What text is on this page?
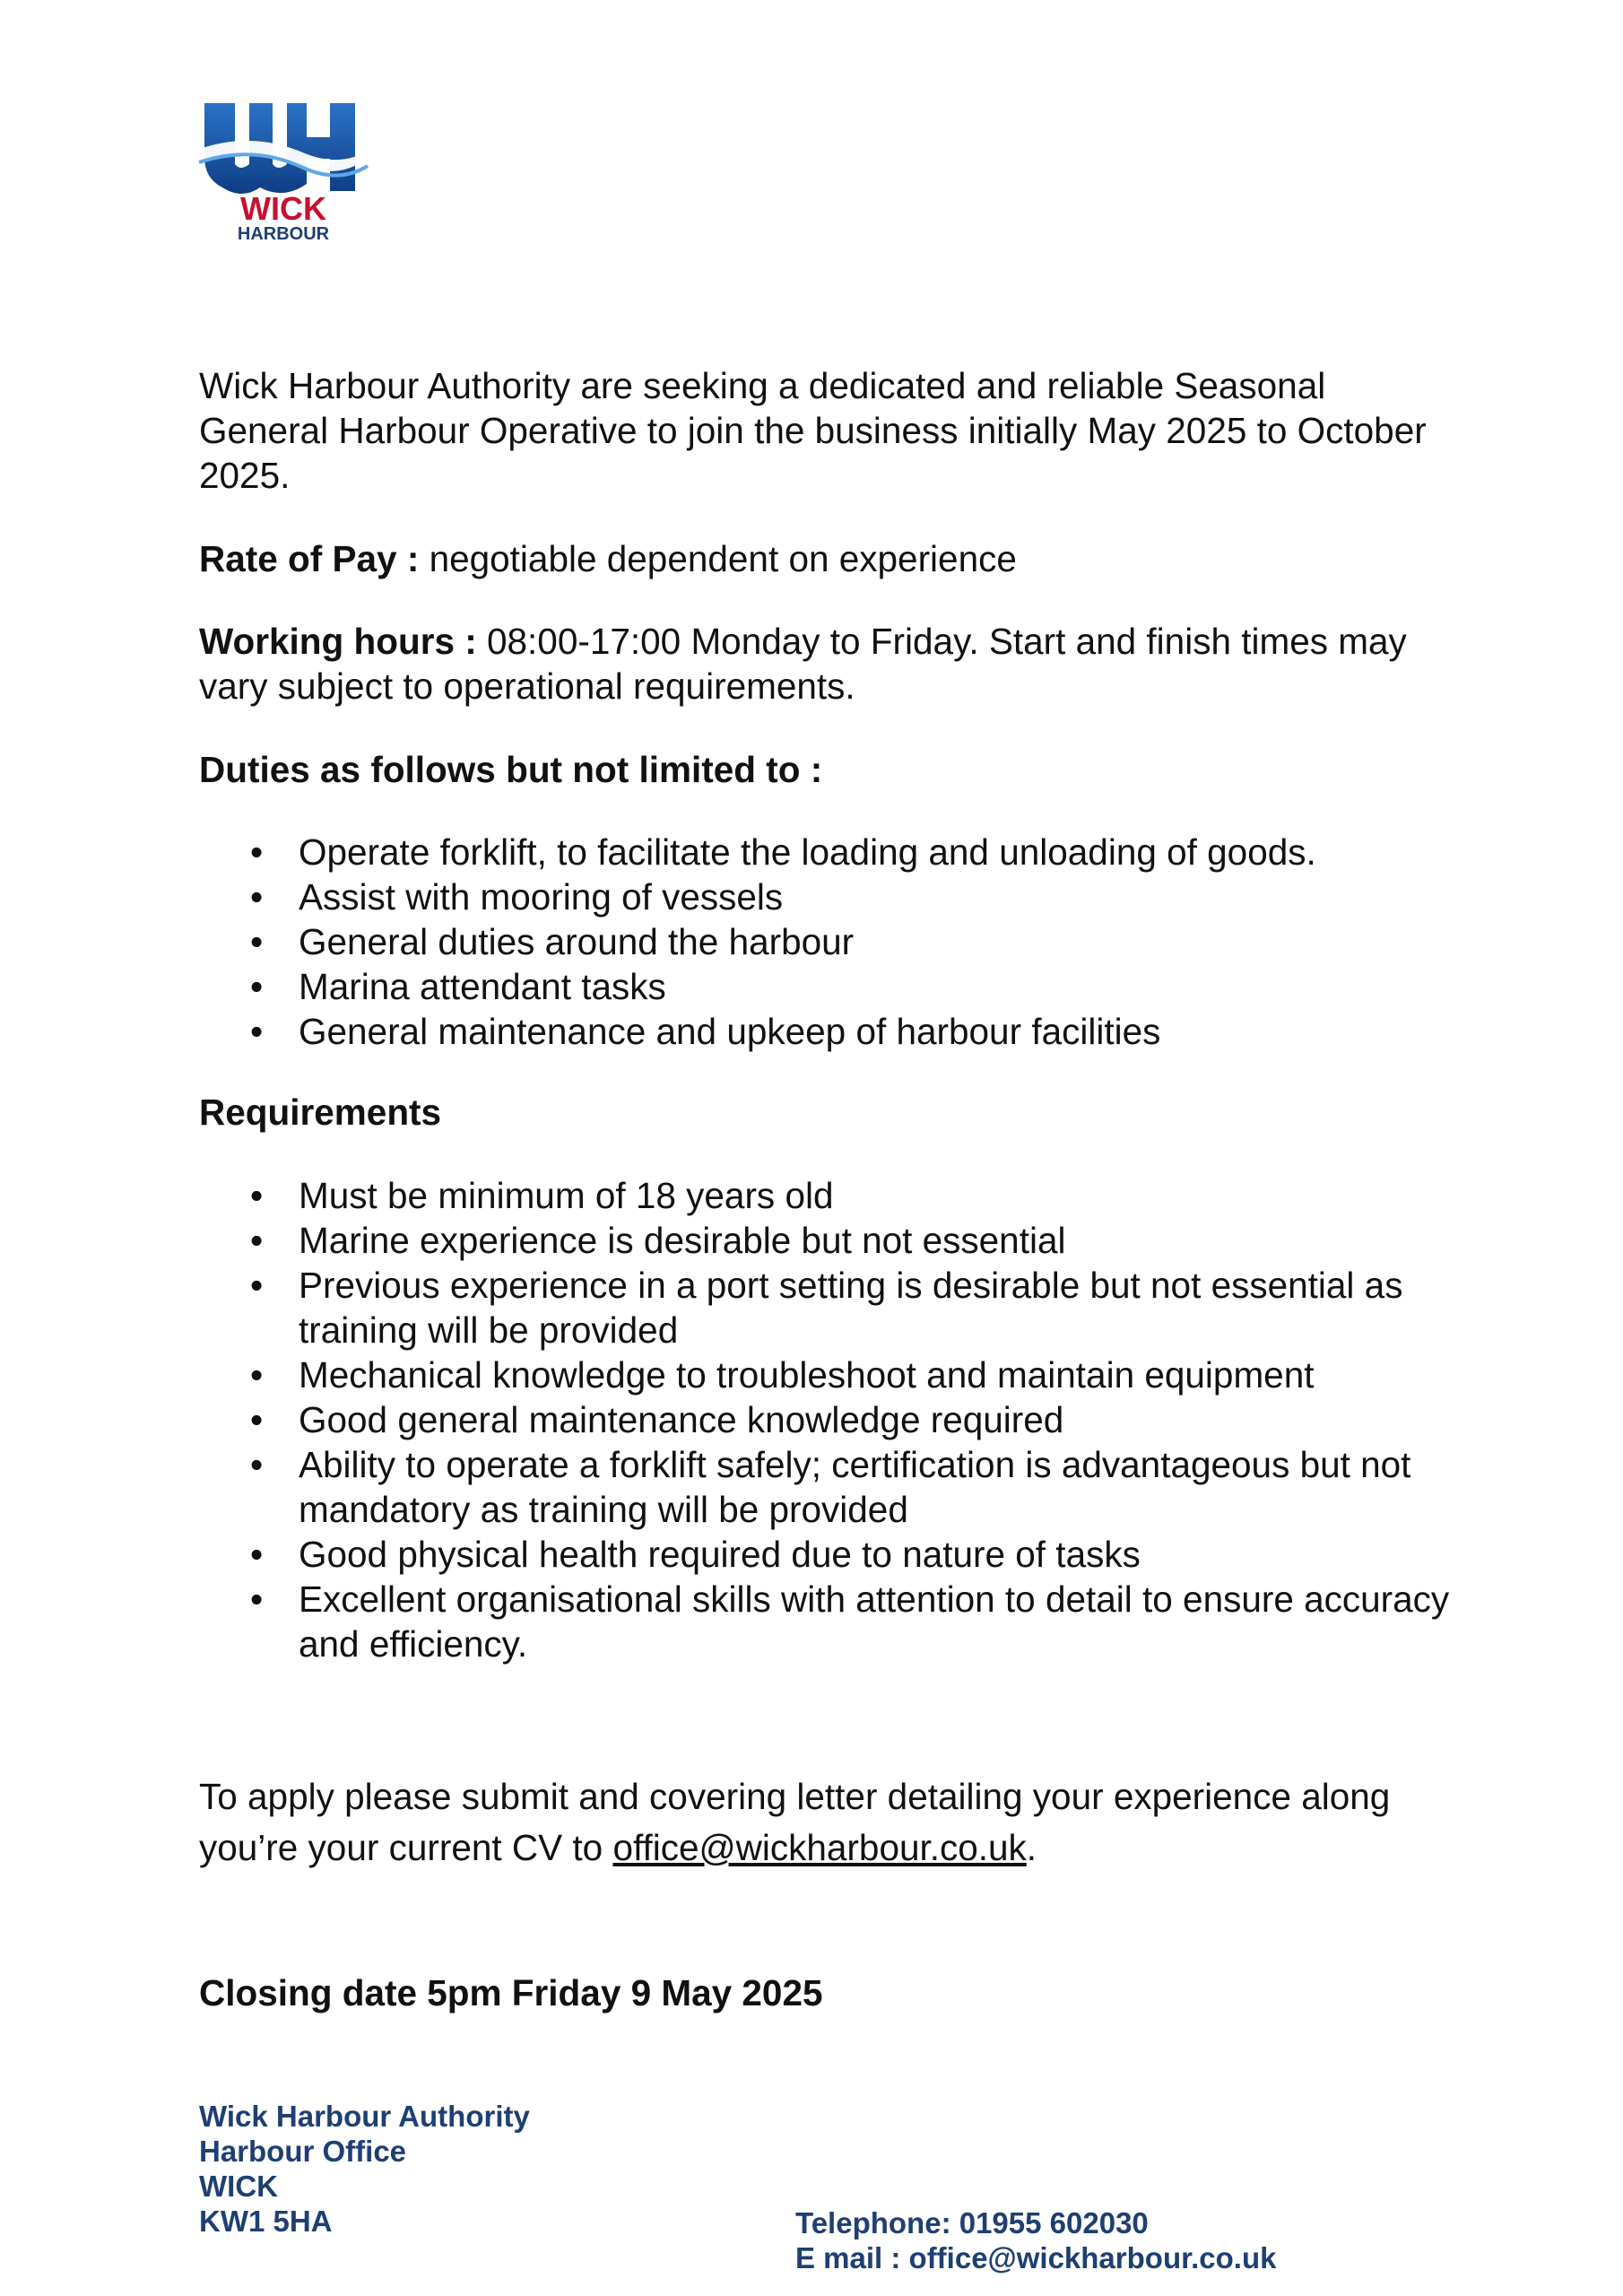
WICK
HARBOUR
Wick Harbour Authority are seeking a dedicated and reliable Seasonal General Harbour Operative to join the business initially May 2025 to October 2025.
Rate of Pay : negotiable dependent on experience
Working hours : 08:00-17:00 Monday to Friday. Start and finish times may vary subject to operational requirements.
Duties as follows but not limited to :
• Operate forklift, to facilitate the loading and unloading of goods.
• Assist with mooring of vessels
• General duties around the harbour
• Marina attendant tasks
• General maintenance and upkeep of harbour facilities
Requirements
• Must be minimum of 18 years old
• Marine experience is desirable but not essential
• Previous experience in a port setting is desirable but not essential as training will be provided
• Mechanical knowledge to troubleshoot and maintain equipment
• Good general maintenance knowledge required
• Ability to operate a forklift safely; certification is advantageous but not mandatory as training will be provided
• Good physical health required due to nature of tasks
• Excellent organisational skills with attention to detail to ensure accuracy and efficiency.
To apply please submit and covering letter detailing your experience along you’re your current CV to office@wickharbour.co.uk.
Closing date 5pm Friday 9 May 2025
Wick Harbour Authority
Harbour Office
WICK
KW1 5HA	Telephone: 01955 602030
E mail : office@wickharbour.co.uk
